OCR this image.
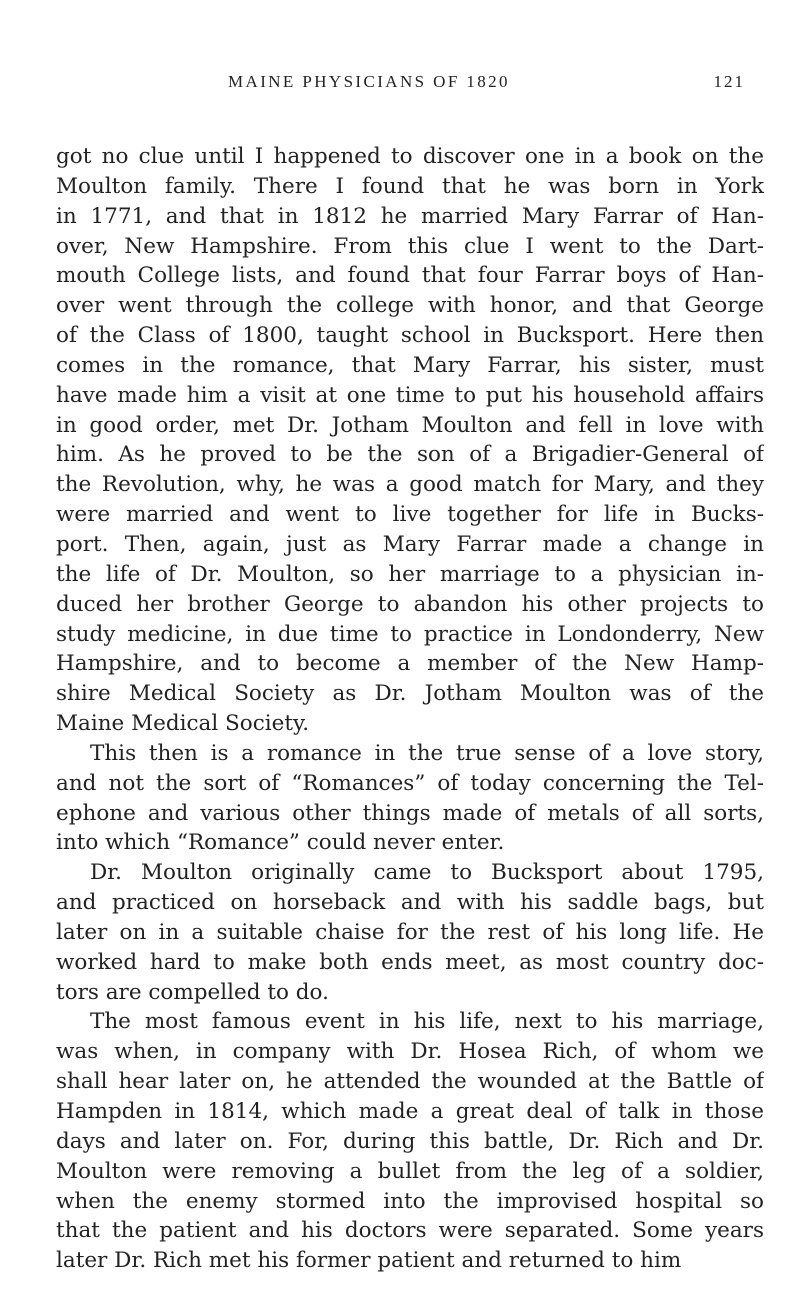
MAINE PHYSICIANS OF 1820	121
got no clue until I happened to discover one in a book on the
Moulton family. There I found that he was born in York
in 1771, and that in 1812 he married Mary Farrar of Han-
over, New Hampshire. From this clue I went to the Dart-
mouth College lists, and found that four Farrar boys of Han-
over went through the college with honor, and that George
of the Class of 1800, taught school in Bucksport. Here then
comes in the romance, that Mary Farrar, his sister, must
have made him a visit at one time to put his household affairs
in good order, met Dr. Jotham Moulton and fell in love with
him. As he proved to be the son of a Brigadier-General of
the Revolution, why, he was a good match for Mary, and they
were married and went to live together for life in Bucks-
port. Then, again, just as Mary Farrar made a change in
the life of Dr. Moulton, so her marriage to a physician in-
duced her brother George to abandon his other projects to
study medicine, in due time to practice in Londonderry, New
Hampshire, and to become a member of the New Hamp-
shire Medical Society as Dr. Jotham Moulton was of the
Maine Medical Society.
This then is a romance in the true sense of a love story,
and not the sort of “Romances” of today concerning the Tel-
ephone and various other things made of metals of all sorts,
into which “Romance” could never enter.
Dr. Moulton originally came to Bucksport about 1795,
and practiced on horseback and with his saddle bags, but
later on in a suitable chaise for the rest of his long life. He
worked hard to make both ends meet, as most country doc-
tors are compelled to do.
The most famous event in his life, next to his marriage,
was when, in company with Dr. Hosea Rich, of whom we
shall hear later on, he attended the wounded at the Battle of
Hampden in 1814, which made a great deal of talk in those
days and later on. For, during this battle, Dr. Rich and Dr.
Moulton were removing a bullet from the leg of a soldier,
when the enemy stormed into the improvised hospital so
that the patient and his doctors were separated. Some years
later Dr. Rich met his former patient and returned to him
